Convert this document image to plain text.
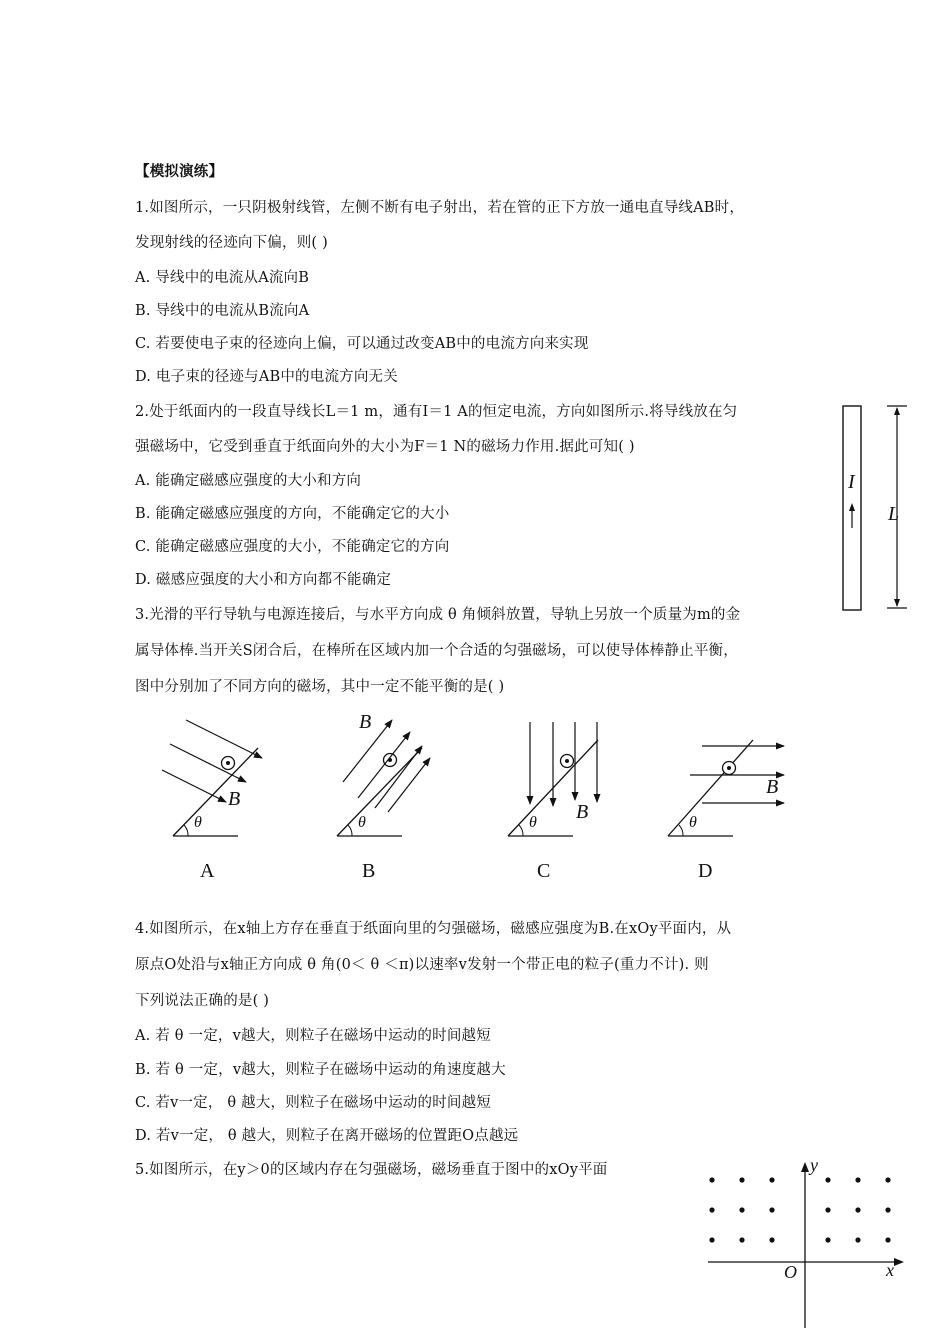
【模拟演练】
1.如图所示，一只阴极射线管，左侧不断有电子射出，若在管的正下方放一通电直导线AB时，
发现射线的径迹向下偏，则( )
A. 导线中的电流从A流向B
B. 导线中的电流从B流向A
C. 若要使电子束的径迹向上偏，可以通过改变AB中的电流方向来实现
D. 电子束的径迹与AB中的电流方向无关
2.处于纸面内的一段直导线长L＝1 m，通有I＝1 A的恒定电流，方向如图所示.将导线放在匀
强磁场中，它受到垂直于纸面向外的大小为F＝1 N的磁场力作用.据此可知( )
A. 能确定磁感应强度的大小和方向
B. 能确定磁感应强度的方向，不能确定它的大小
C. 能确定磁感应强度的大小，不能确定它的方向
D. 磁感应强度的大小和方向都不能确定
I
L
3.光滑的平行导轨与电源连接后，与水平方向成 θ 角倾斜放置，导轨上另放一个质量为m的金
属导体棒.当开关S闭合后，在棒所在区域内加一个合适的匀强磁场，可以使导体棒静止平衡，
图中分别加了不同方向的磁场，其中一定不能平衡的是( )
B
θ
A
B
θ
B
B
θ
C
B
θ
D
4.如图所示，在x轴上方存在垂直于纸面向里的匀强磁场，磁感应强度为B.在xOy平面内，从
原点O处沿与x轴正方向成 θ 角(0＜ θ ＜π)以速率v发射一个带正电的粒子(重力不计). 则
下列说法正确的是( )
A. 若 θ 一定，v越大，则粒子在磁场中运动的时间越短
B. 若 θ 一定，v越大，则粒子在磁场中运动的角速度越大
C. 若v一定， θ 越大，则粒子在磁场中运动的时间越短
D. 若v一定， θ 越大，则粒子在离开磁场的位置距O点越远
5.如图所示，在y＞0的区域内存在匀强磁场，磁场垂直于图中的xOy平面	y
x
O
